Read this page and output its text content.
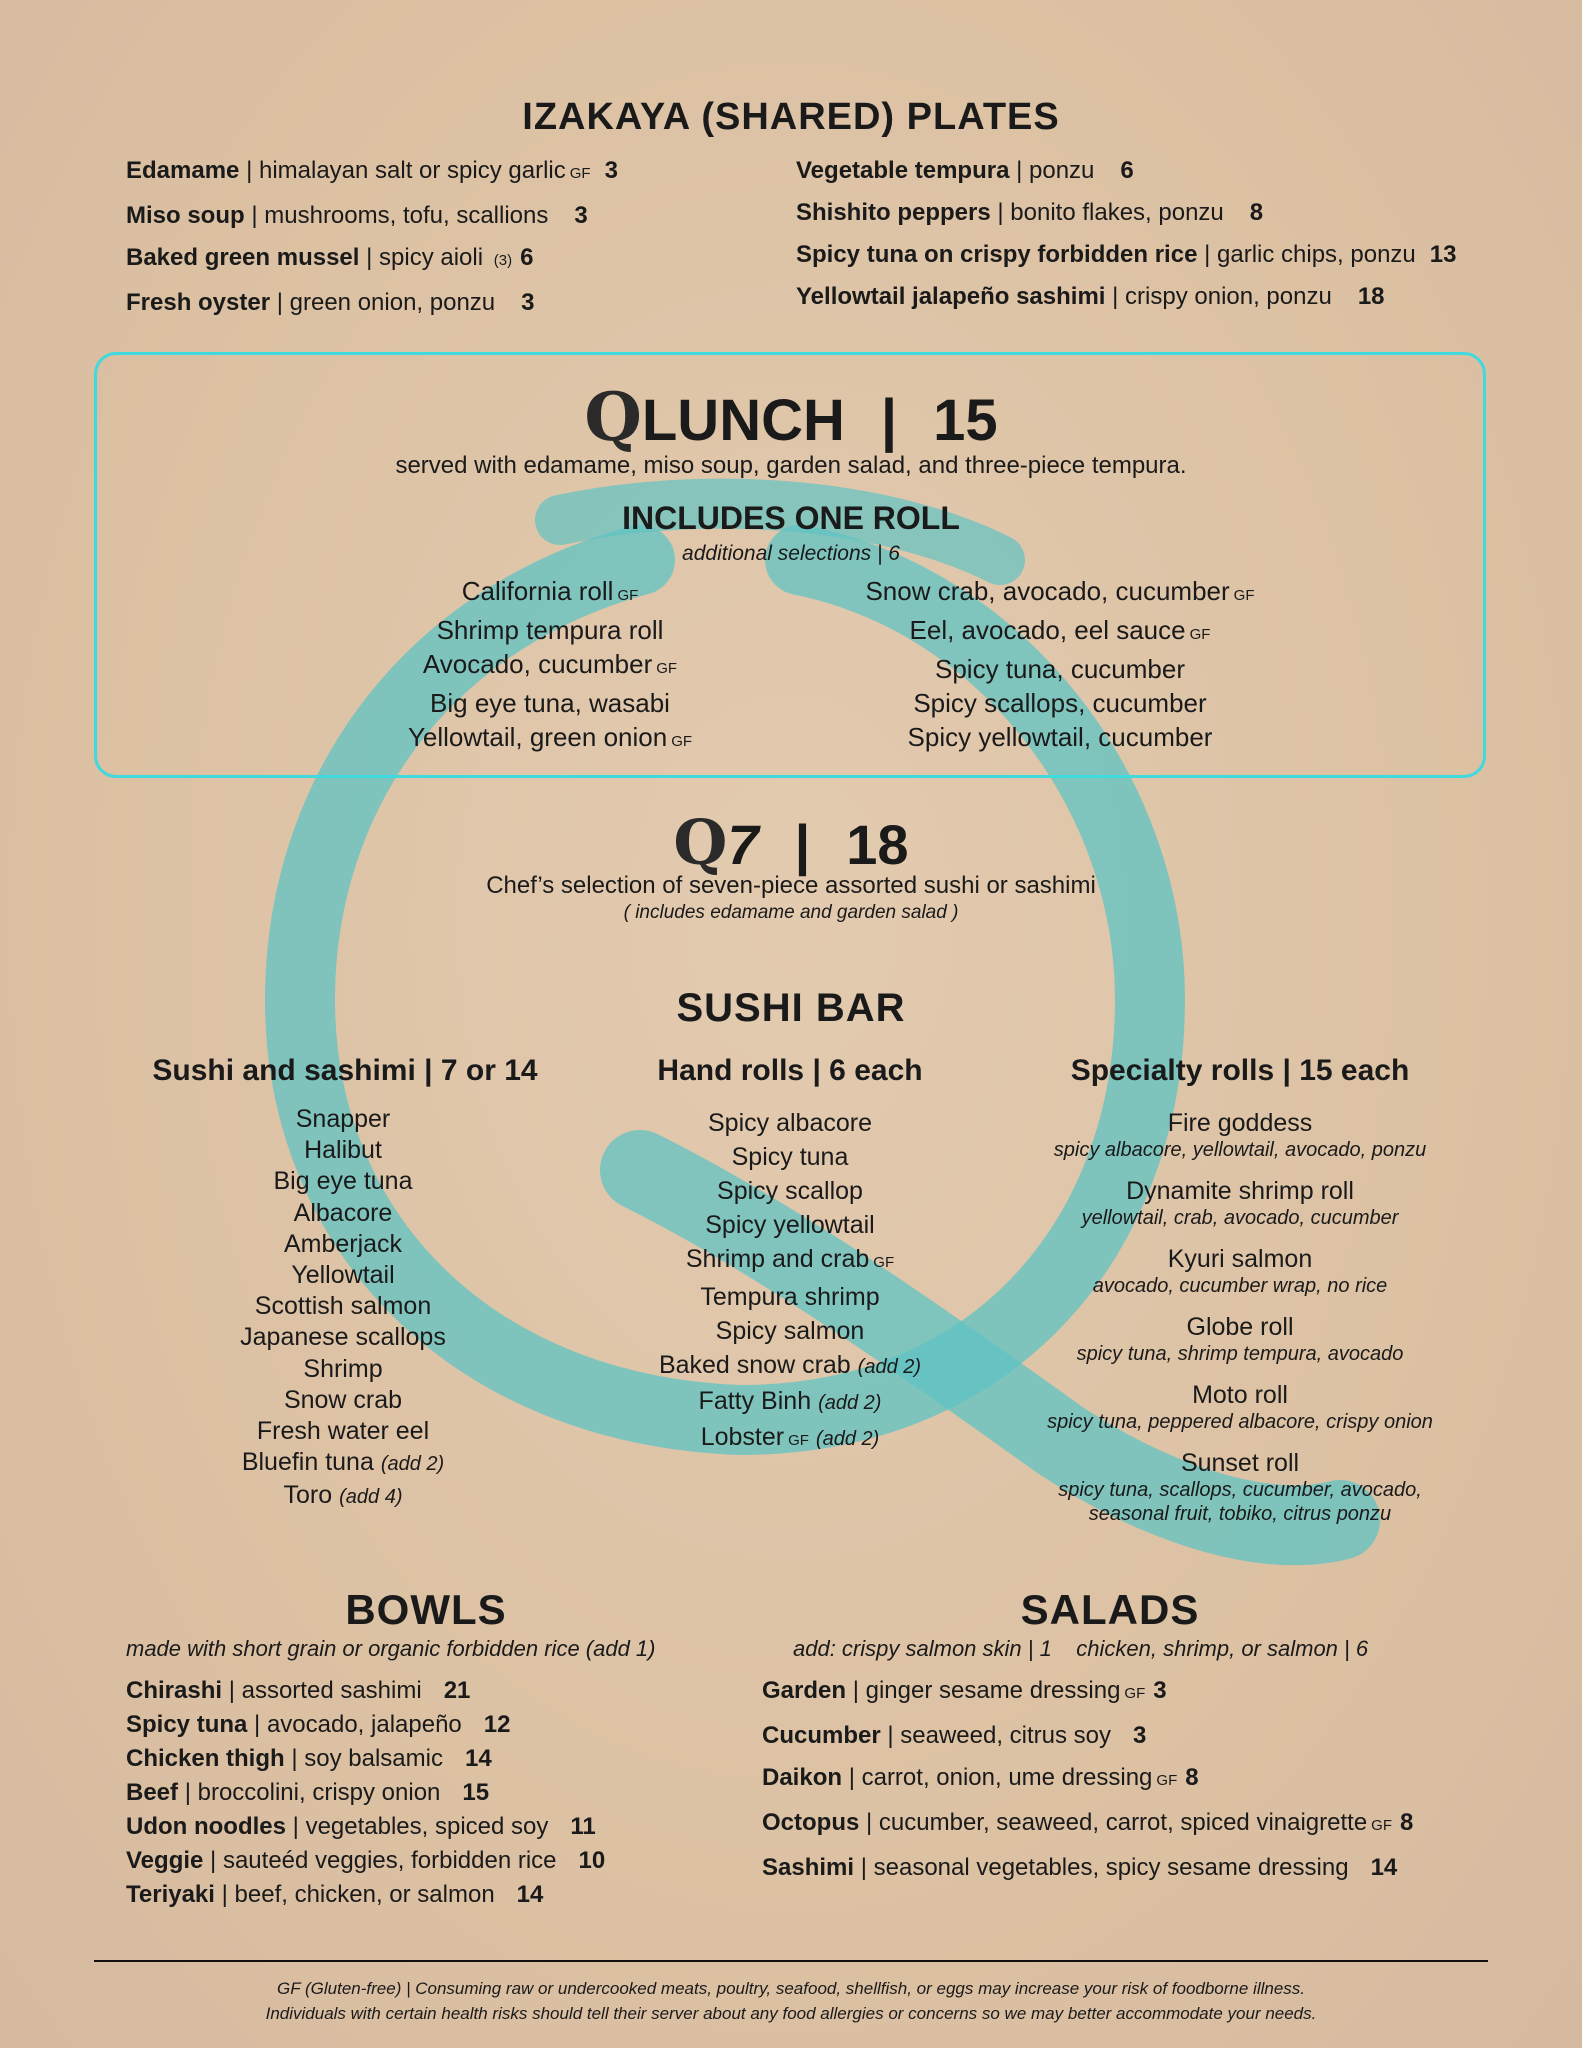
IZAKAYA (SHARED) PLATES
Edamame | himalayan salt or spicy garlic GF 3
Miso soup | mushrooms, tofu, scallions 3
Baked green mussel | spicy aioli (3) 6
Fresh oyster | green onion, ponzu 3
Vegetable tempura | ponzu 6
Shishito peppers | bonito flakes, ponzu 8
Spicy tuna on crispy forbidden rice | garlic chips, ponzu 13
Yellowtail jalapeño sashimi | crispy onion, ponzu 18
QLUNCH | 15
served with edamame, miso soup, garden salad, and three-piece tempura.
INCLUDES ONE ROLL
additional selections | 6
California roll GF
Shrimp tempura roll
Avocado, cucumber GF
Big eye tuna, wasabi
Yellowtail, green onion GF
Snow crab, avocado, cucumber GF
Eel, avocado, eel sauce GF
Spicy tuna, cucumber
Spicy scallops, cucumber
Spicy yellowtail, cucumber
Q7 | 18
Chef’s selection of seven-piece assorted sushi or sashimi
( includes edamame and garden salad )
SUSHI BAR
Sushi and sashimi | 7 or 14	Hand rolls | 6 each	Specialty rolls | 15 each
Snapper
Halibut
Big eye tuna
Albacore
Amberjack
Yellowtail
Scottish salmon
Japanese scallops
Shrimp
Snow crab
Fresh water eel
Bluefin tuna (add 2)
Toro (add 4)
Spicy albacore
Spicy tuna
Spicy scallop
Spicy yellowtail
Shrimp and crab GF
Tempura shrimp
Spicy salmon
Baked snow crab (add 2)
Fatty Binh (add 2)
Lobster GF (add 2)
Fire goddess
spicy albacore, yellowtail, avocado, ponzu
Dynamite shrimp roll
yellowtail, crab, avocado, cucumber
Kyuri salmon
avocado, cucumber wrap, no rice
Globe roll
spicy tuna, shrimp tempura, avocado
Moto roll
spicy tuna, peppered albacore, crispy onion
Sunset roll
spicy tuna, scallops, cucumber, avocado,
seasonal fruit, tobiko, citrus ponzu
BOWLS
made with short grain or organic forbidden rice (add 1)
Chirashi | assorted sashimi 21
Spicy tuna | avocado, jalapeño 12
Chicken thigh | soy balsamic 14
Beef | broccolini, crispy onion 15
Udon noodles | vegetables, spiced soy 11
Veggie | sauteéd veggies, forbidden rice 10
Teriyaki | beef, chicken, or salmon 14
SALADS
add: crispy salmon skin | 1    chicken, shrimp, or salmon | 6
Garden | ginger sesame dressing GF 3
Cucumber | seaweed, citrus soy 3
Daikon | carrot, onion, ume dressing GF 8
Octopus | cucumber, seaweed, carrot, spiced vinaigrette GF 8
Sashimi | seasonal vegetables, spicy sesame dressing 14
GF (Gluten-free) | Consuming raw or undercooked meats, poultry, seafood, shellfish, or eggs may increase your risk of foodborne illness.
Individuals with certain health risks should tell their server about any food allergies or concerns so we may better accommodate your needs.
